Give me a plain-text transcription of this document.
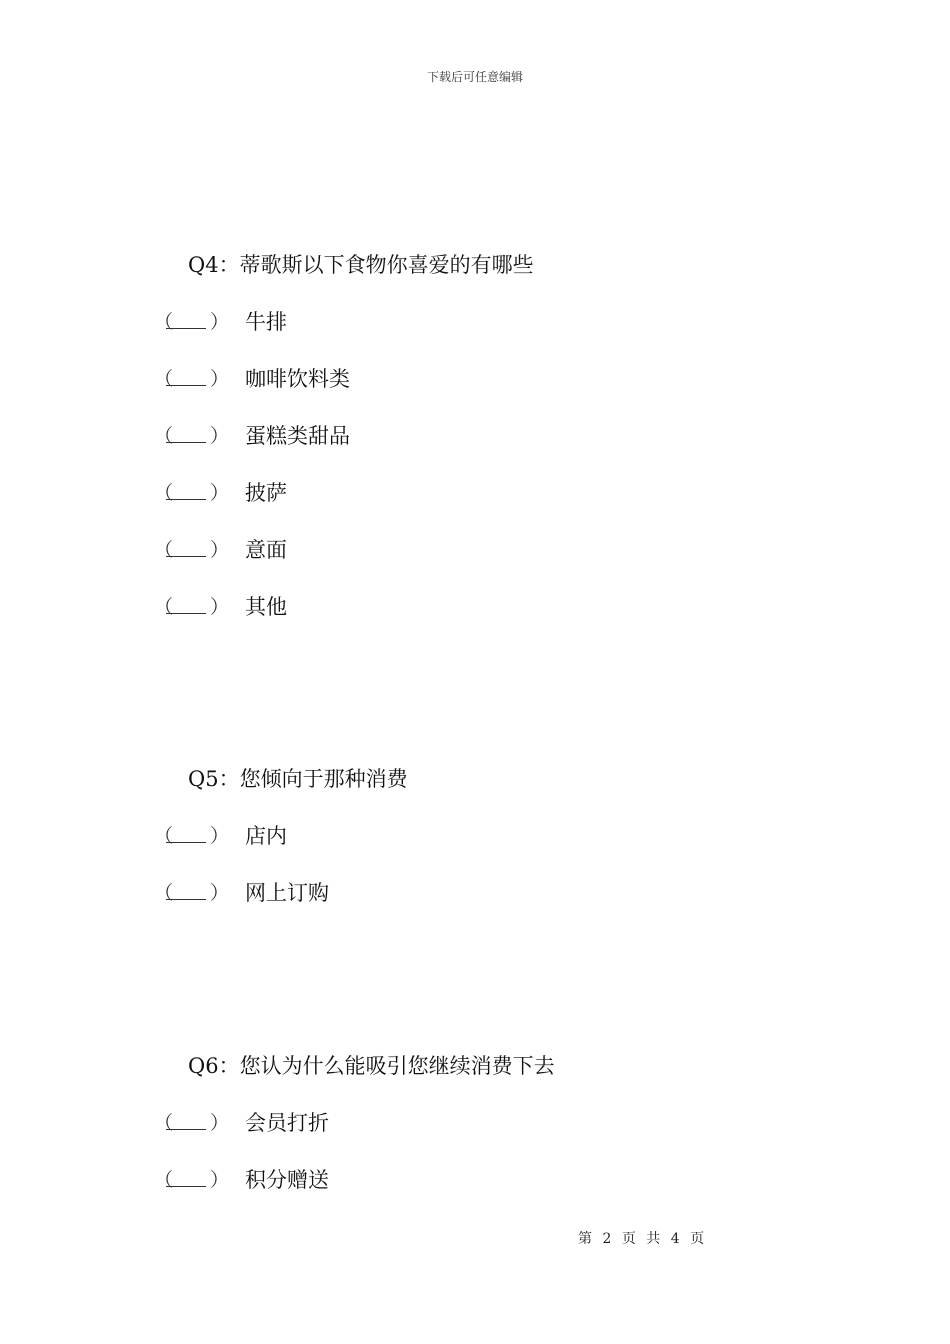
下载后可任意编辑
Q4：蒂歌斯以下食物你喜爱的有哪些
（ ） 牛排
（ ） 咖啡饮料类
（ ） 蛋糕类甜品
（ ） 披萨
（ ） 意面
（ ） 其他
Q5：您倾向于那种消费
（ ） 店内
（ ） 网上订购
Q6：您认为什么能吸引您继续消费下去
（ ） 会员打折
（ ） 积分赠送
第 2 页 共 4 页
